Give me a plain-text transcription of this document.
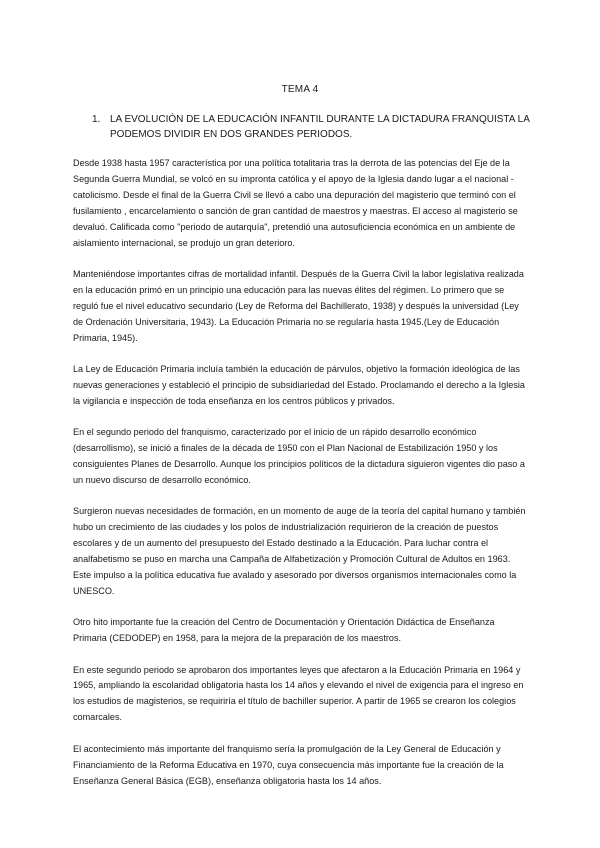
TEMA 4
1. LA EVOLUCIÓN DE LA EDUCACIÓN INFANTIL DURANTE LA DICTADURA FRANQUISTA LA PODEMOS DIVIDIR EN DOS GRANDES PERIODOS.

Desde 1938 hasta 1957 característica por una política totalitaria tras la derrota de las potencias del Eje de la Segunda Guerra Mundial, se volcó en su impronta católica y el apoyo de la Iglesia dando lugar a el nacional - catolicismo. Desde el final de la Guerra Civil se llevó a cabo una depuración del magisterio que terminó con el fusilamiento , encarcelamiento o sanción de gran cantidad de maestros y maestras. El acceso al magisterio se devaluó. Calificada como "periodo de autarquía", pretendió una autosuficiencia económica en un ambiente de aislamiento internacional, se produjo un gran deterioro.

Manteniéndose importantes cifras de mortalidad infantil. Después de la Guerra Civil la labor legislativa realizada en la educación primó en un principio una educación para las nuevas élites del régimen. Lo primero que se reguló fue el nivel educativo secundario (Ley de Reforma del Bachillerato, 1938) y después la universidad (Ley de Ordenación Universitaria, 1943). La Educación Primaria no se regularía hasta 1945.(Ley de Educación Primaria, 1945).

La Ley de Educación Primaria incluía también la educación de párvulos, objetivo la formación ideológica de las nuevas generaciones y estableció el principio de subsidiariedad del Estado. Proclamando el derecho a la Iglesia la vigilancia e inspección de toda enseñanza en los centros públicos y privados.

En el segundo periodo del franquismo, caracterizado por el inicio de un rápido desarrollo económico (desarrollismo), se inició a finales de la década de 1950 con el Plan Nacional de Estabilización 1950 y los consiguientes Planes de Desarrollo. Aunque los principios políticos de la dictadura siguieron vigentes dio paso a un nuevo discurso de desarrollo económico.

Surgieron nuevas necesidades de formación, en un momento de auge de la teoría del capital humano y también hubo un crecimiento de las ciudades y los polos de industrialización requirieron de la creación de puestos escolares y de un aumento del presupuesto del Estado destinado a la Educación. Para luchar contra el analfabetismo se puso en marcha una Campaña de Alfabetización y Promoción Cultural de Adultos en 1963. Este impulso a la política educativa fue avalado y asesorado por diversos organismos internacionales como la UNESCO.

Otro hito importante fue la creación del Centro de Documentación y Orientación Didáctica de Enseñanza Primaria (CEDODEP) en 1958, para la mejora de la preparación de los maestros.

En este segundo periodo se aprobaron dos importantes leyes que afectaron a la Educación Primaria en 1964 y 1965, ampliando la escolaridad obligatoria hasta los 14 años y elevando el nivel de exigencia para el ingreso en los estudios de magisterios, se requiriría el título de bachiller superior. A partir de 1965 se crearon los colegios comarcales.

El acontecimiento más importante del franquismo sería la promulgación de la Ley General de Educación y Financiamiento de la Reforma Educativa en 1970, cuya consecuencia más importante fue la creación de la Enseñanza General Básica (EGB), enseñanza obligatoria hasta los 14 años.
